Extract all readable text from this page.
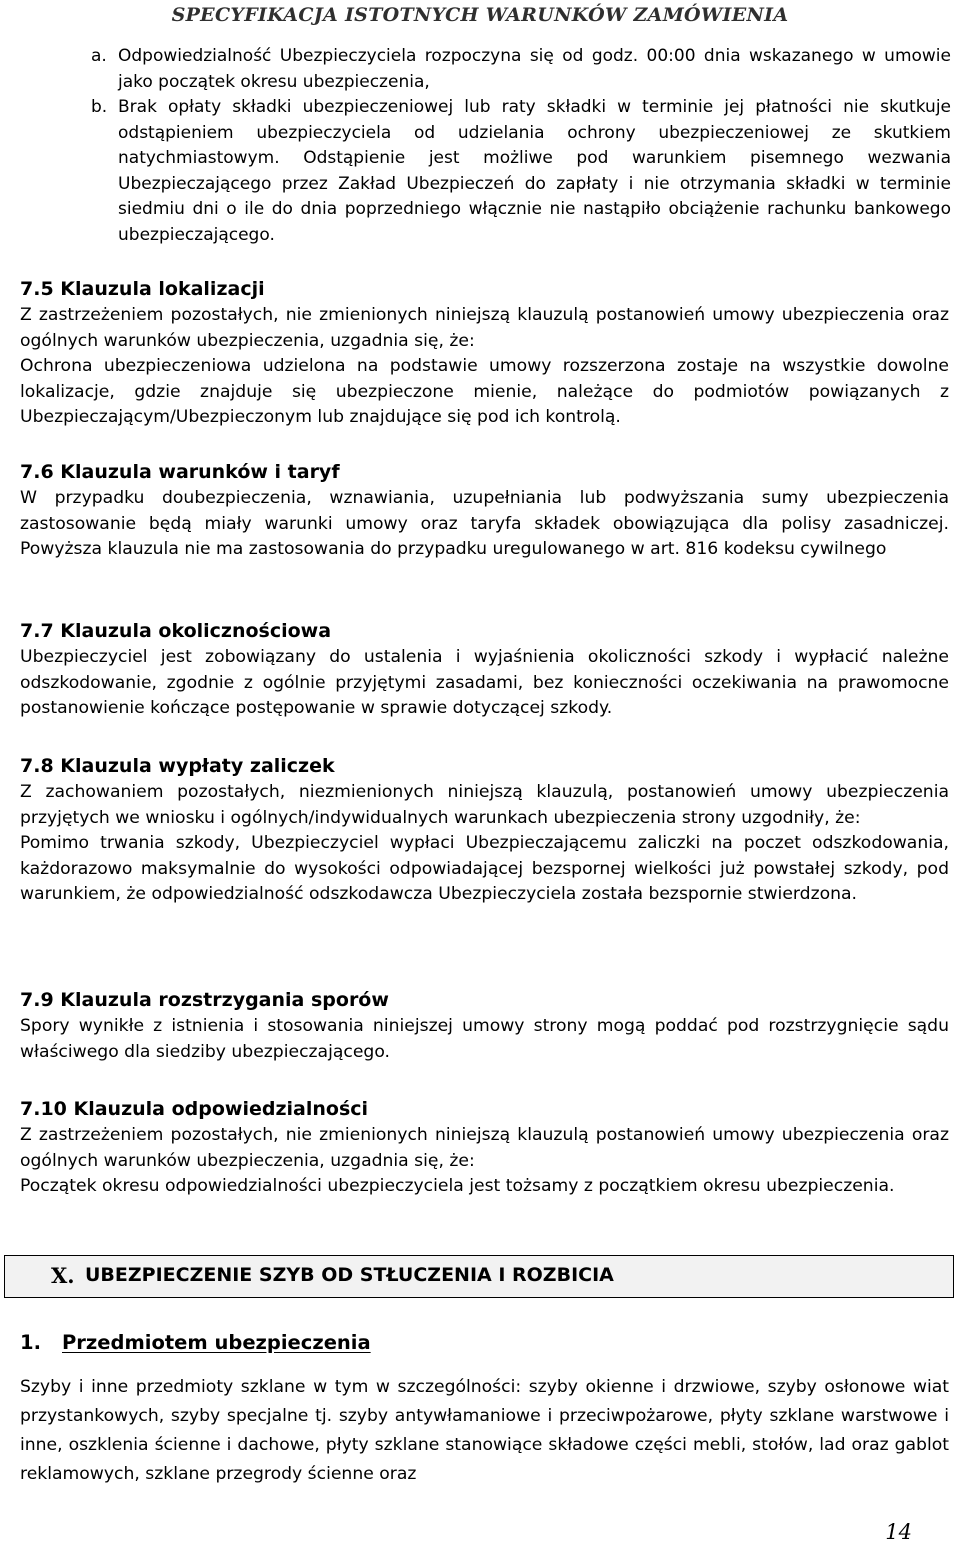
SPECYFIKACJA ISTOTNYCH WARUNKÓW ZAMÓWIENIA
a. Odpowiedzialność Ubezpieczyciela rozpoczyna się od godz. 00:00 dnia wskazanego w umowie jako początek okresu ubezpieczenia,
b. Brak opłaty składki ubezpieczeniowej lub raty składki w terminie jej płatności nie skutkuje odstąpieniem ubezpieczyciela od udzielania ochrony ubezpieczeniowej ze skutkiem natychmiastowym. Odstąpienie jest możliwe pod warunkiem pisemnego wezwania Ubezpieczającego przez Zakład Ubezpieczeń do zapłaty i nie otrzymania składki w terminie siedmiu dni o ile do dnia poprzedniego włącznie nie nastąpiło obciążenie rachunku bankowego ubezpieczającego.
7.5 Klauzula lokalizacji

Z zastrzeżeniem pozostałych, nie zmienionych niniejszą klauzulą postanowień umowy ubezpieczenia oraz ogólnych warunków ubezpieczenia, uzgadnia się, że:

Ochrona ubezpieczeniowa udzielona na podstawie umowy rozszerzona zostaje na wszystkie dowolne lokalizacje, gdzie znajduje się ubezpieczone mienie, należące do podmiotów powiązanych z Ubezpieczającym/Ubezpieczonym lub znajdujące się pod ich kontrolą.

7.6 Klauzula warunków i taryf

W przypadku doubezpieczenia, wznawiania, uzupełniania lub podwyższania sumy ubezpieczenia zastosowanie będą miały warunki umowy oraz taryfa składek obowiązująca dla polisy zasadniczej. Powyższa klauzula nie ma zastosowania do przypadku uregulowanego w art. 816 kodeksu cywilnego

7.7 Klauzula okolicznościowa

Ubezpieczyciel jest zobowiązany do ustalenia i wyjaśnienia okoliczności szkody i wypłacić należne odszkodowanie, zgodnie z ogólnie przyjętymi zasadami, bez konieczności oczekiwania na prawomocne postanowienie kończące postępowanie w sprawie dotyczącej szkody.

7.8 Klauzula wypłaty zaliczek

Z zachowaniem pozostałych, niezmienionych niniejszą klauzulą, postanowień umowy ubezpieczenia przyjętych we wniosku i ogólnych/indywidualnych warunkach ubezpieczenia strony uzgodniły, że:

Pomimo trwania szkody, Ubezpieczyciel wypłaci Ubezpieczającemu zaliczki na poczet odszkodowania, każdorazowo maksymalnie do wysokości odpowiadającej bezspornej wielkości już powstałej szkody, pod warunkiem, że odpowiedzialność odszkodawcza Ubezpieczyciela została bezspornie stwierdzona.

7.9 Klauzula rozstrzygania sporów

Spory wynikłe z istnienia i stosowania niniejszej umowy strony mogą poddać pod rozstrzygnięcie sądu właściwego dla siedziby ubezpieczającego.

7.10 Klauzula odpowiedzialności

Z zastrzeżeniem pozostałych, nie zmienionych niniejszą klauzulą postanowień umowy ubezpieczenia oraz ogólnych warunków ubezpieczenia, uzgadnia się, że:

Początek okresu odpowiedzialności ubezpieczyciela jest tożsamy z początkiem okresu ubezpieczenia.

X. UBEZPIECZENIE SZYB OD STŁUCZENIA I ROZBICIA
1. Przedmiotem ubezpieczenia

Szyby i inne przedmioty szklane w tym w szczególności: szyby okienne i drzwiowe, szyby osłonowe wiat przystankowych, szyby specjalne tj. szyby antywłamaniowe i przeciwpożarowe, płyty szklane warstwowe i inne, oszklenia ścienne i dachowe, płyty szklane stanowiące składowe części mebli, stołów, lad oraz gablot reklamowych, szklane przegrody ścienne oraz

14
